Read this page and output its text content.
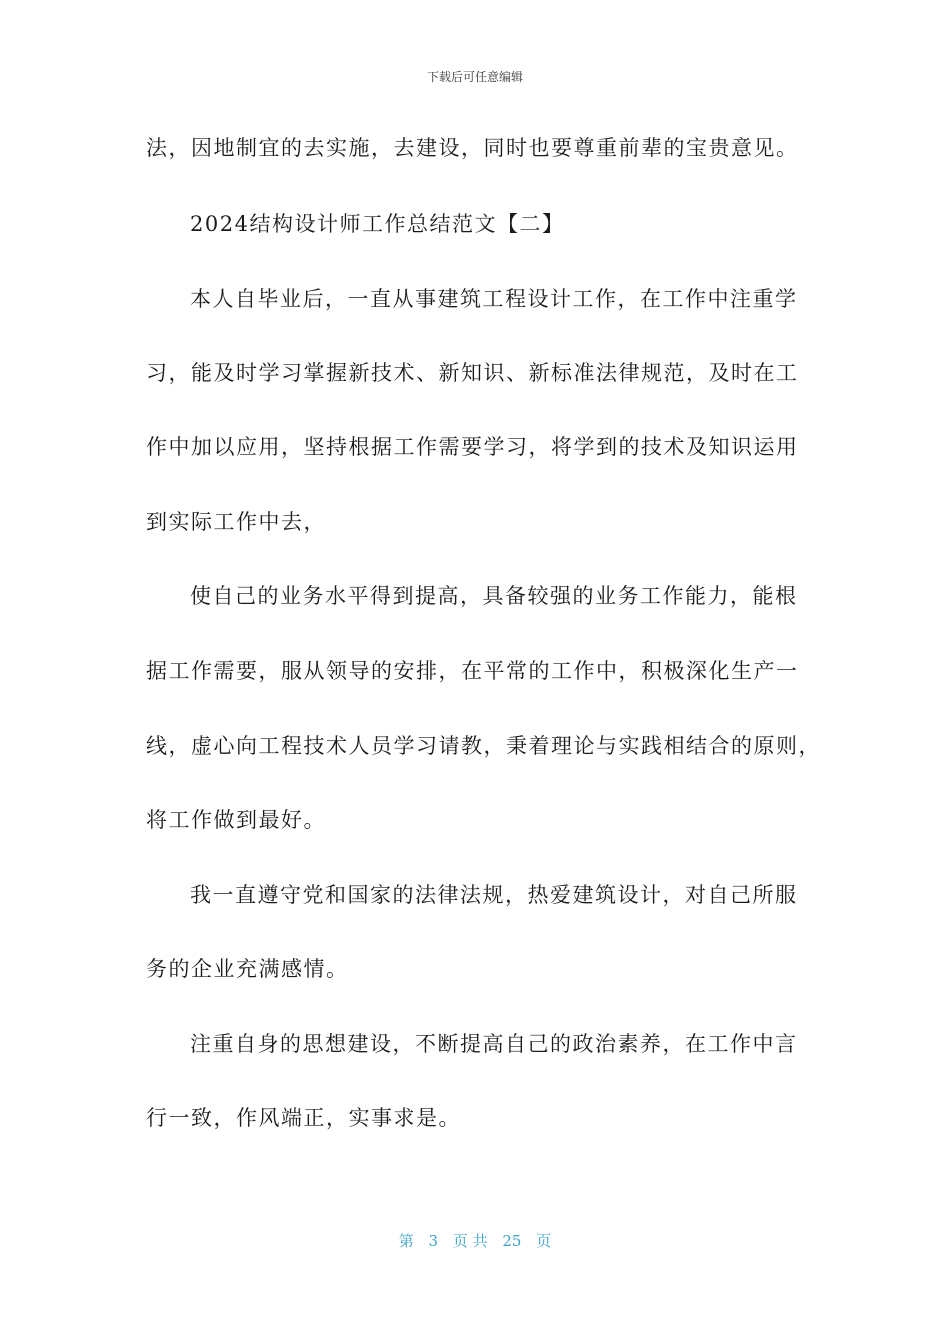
下载后可任意编辑
法，因地制宜的去实施，去建设，同时也要尊重前辈的宝贵意见。
2024结构设计师工作总结范文【二】
本人自毕业后，一直从事建筑工程设计工作，在工作中注重学
习，能及时学习掌握新技术、新知识、新标准法律规范，及时在工
作中加以应用，坚持根据工作需要学习，将学到的技术及知识运用
到实际工作中去，
使自己的业务水平得到提高，具备较强的业务工作能力，能根
据工作需要，服从领导的安排，在平常的工作中，积极深化生产一
线，虚心向工程技术人员学习请教，秉着理论与实践相结合的原则，
将工作做到最好。
我一直遵守党和国家的法律法规，热爱建筑设计，对自己所服
务的企业充满感情。
注重自身的思想建设，不断提高自己的政治素养，在工作中言
行一致，作风端正，实事求是。
第 3 页 共 25 页
